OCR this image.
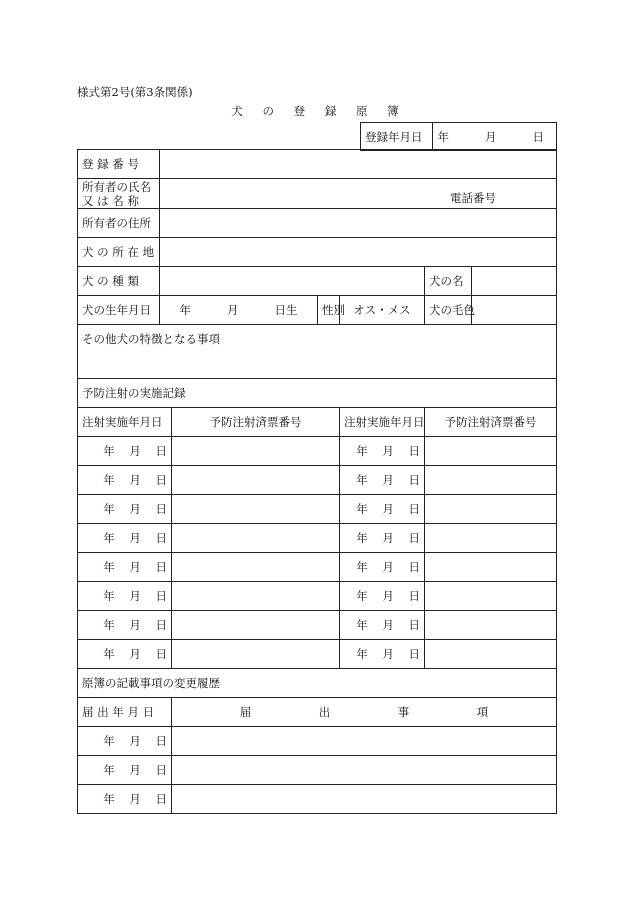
様式第2号(第3条関係)
犬 の 登 録 原 簿
登録年月日	年	月	日
登 録 番 号						

所有者の氏名
又 は 名 称	電話番号					
所有者の住所						
犬 の 所 在 地						
犬 の 種 類					犬の名	
犬の生年月日	年 月 日生		性別	オス・メス	犬の毛色	
その他犬の特徴となる事項						
予防注射の実施記録						
注射実施年月日		予防注射済票番号		注射実施年月日	予防注射済票番号	
年 月 日				年 月 日		
年 月 日				年 月 日		
年 月 日				年 月 日		
年 月 日				年 月 日		
年 月 日				年 月 日		
年 月 日				年 月 日		
年 月 日				年 月 日		
年 月 日				年 月 日		
原簿の記載事項の変更履歴						
届 出 年 月 日		届 出 事 項				

年 月 日						
年 月 日						
年 月 日						
